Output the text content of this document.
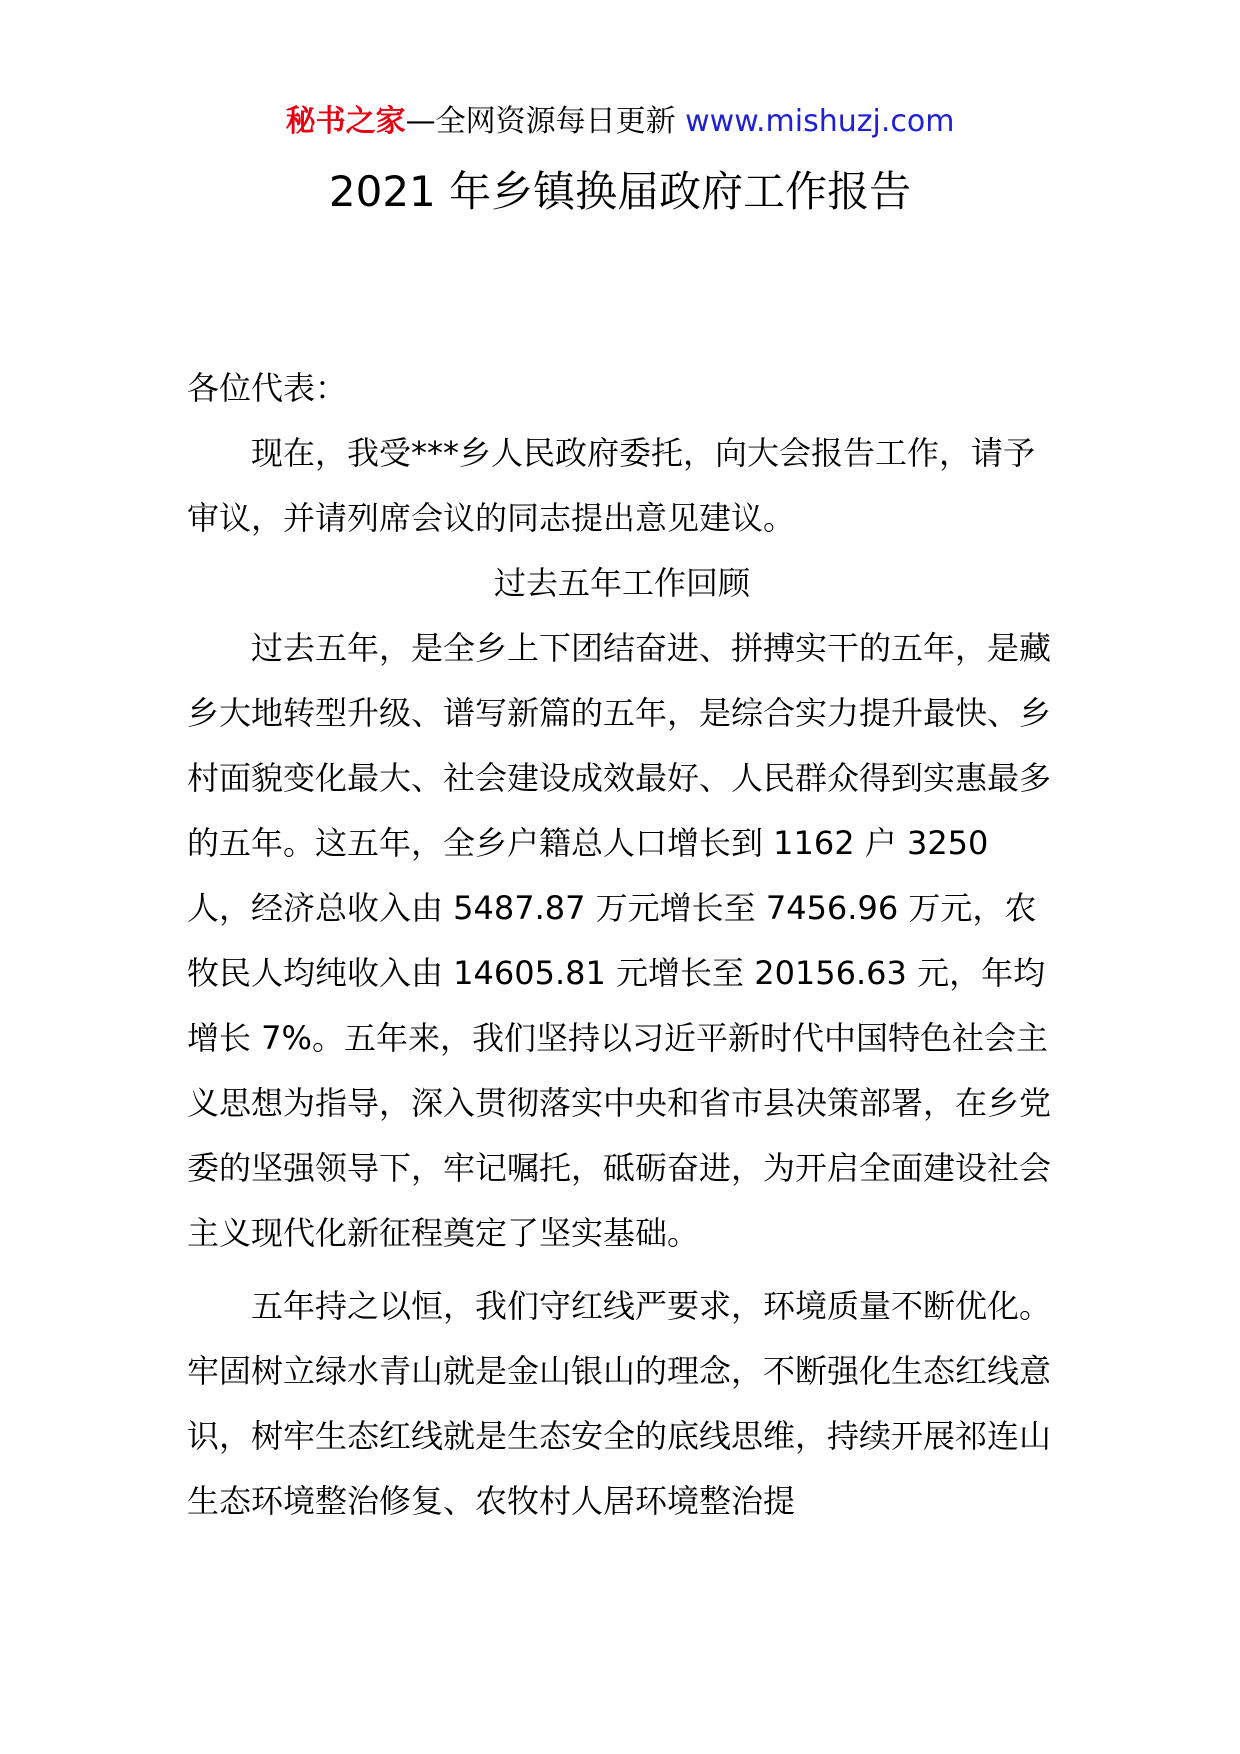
秘书之家—全网资源每日更新 www.mishuzj.com
2021 年乡镇换届政府工作报告

各位代表：

现在，我受***乡人民政府委托，向大会报告工作，请予审议，并请列席会议的同志提出意见建议。

过去五年工作回顾

过去五年，是全乡上下团结奋进、拼搏实干的五年，是藏乡大地转型升级、谱写新篇的五年，是综合实力提升最快、乡村面貌变化最大、社会建设成效最好、人民群众得到实惠最多的五年。这五年，全乡户籍总人口增长到 1162 户 3250 人，经济总收入由 5487.87 万元增长至 7456.96 万元，农牧民人均纯收入由 14605.81 元增长至 20156.63 元，年均增长 7%。五年来，我们坚持以习近平新时代中国特色社会主义思想为指导，深入贯彻落实中央和省市县决策部署，在乡党委的坚强领导下，牢记嘱托，砥砺奋进，为开启全面建设社会主义现代化新征程奠定了坚实基础。

五年持之以恒，我们守红线严要求，环境质量不断优化。牢固树立绿水青山就是金山银山的理念，不断强化生态红线意识，树牢生态红线就是生态安全的底线思维，持续开展祁连山生态环境整治修复、农牧村人居环境整治提
